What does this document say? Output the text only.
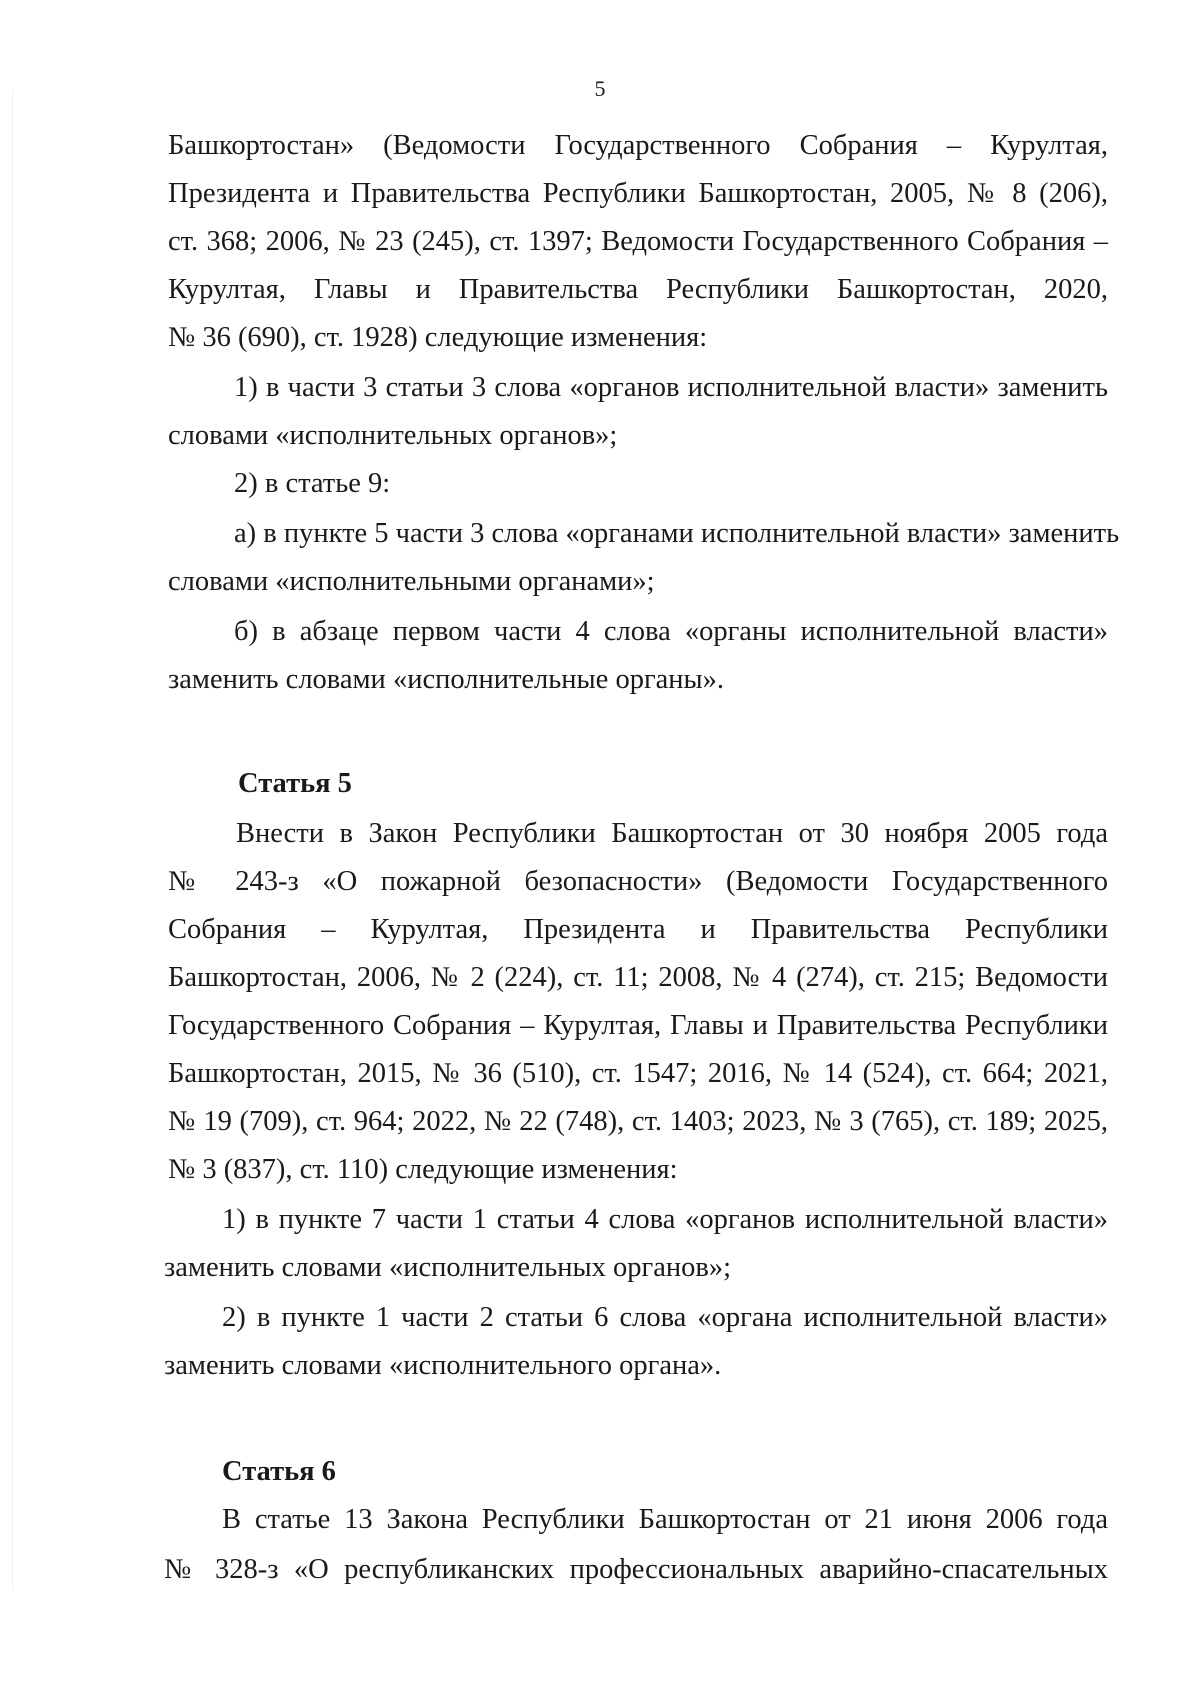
5
Башкортостан» (Ведомости Государственного Собрания – Курултая,
Президента и Правительства Республики Башкортостан, 2005, № 8 (206),
ст. 368; 2006, № 23 (245), ст. 1397; Ведомости Государственного Собрания –
Курултая, Главы и Правительства Республики Башкортостан, 2020,
№ 36 (690), ст. 1928) следующие изменения:
1) в части 3 статьи 3 слова «органов исполнительной власти» заменить
словами «исполнительных органов»;
2) в статье 9:
а) в пункте 5 части 3 слова «органами исполнительной власти» заменить
словами «исполнительными органами»;
б) в абзаце первом части 4 слова «органы исполнительной власти»
заменить словами «исполнительные органы».
Статья 5
Внести в Закон Республики Башкортостан от 30 ноября 2005 года
№ 243-з «О пожарной безопасности» (Ведомости Государственного
Собрания – Курултая, Президента и Правительства Республики
Башкортостан, 2006, № 2 (224), ст. 11; 2008, № 4 (274), ст. 215; Ведомости
Государственного Собрания – Курултая, Главы и Правительства Республики
Башкортостан, 2015, № 36 (510), ст. 1547; 2016, № 14 (524), ст. 664; 2021,
№ 19 (709), ст. 964; 2022, № 22 (748), ст. 1403; 2023, № 3 (765), ст. 189; 2025,
№ 3 (837), ст. 110) следующие изменения:
1) в пункте 7 части 1 статьи 4 слова «органов исполнительной власти»
заменить словами «исполнительных органов»;
2) в пункте 1 части 2 статьи 6 слова «органа исполнительной власти»
заменить словами «исполнительного органа».
Статья 6
В статье 13 Закона Республики Башкортостан от 21 июня 2006 года
№ 328-з «О республиканских профессиональных аварийно-спасательных
